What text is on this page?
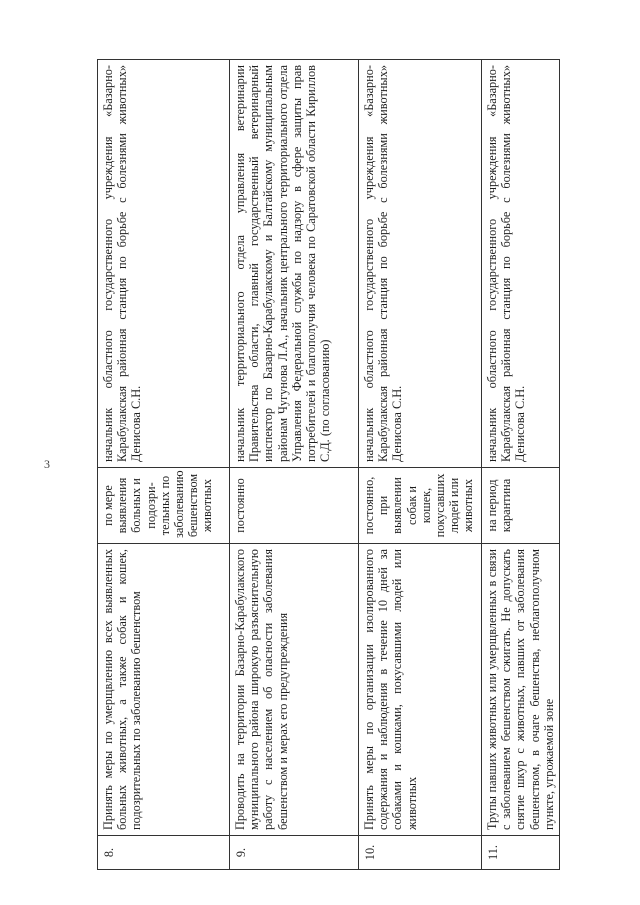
3
8.	Принять меры по умерщвлению всех выявленных больных животных, а также собак и кошек, подозрительных по заболеванию бешенством	по мере выявления больных и подозри-тельных по заболеванию бешенством животных	начальник областного государственного учреждения «Базарно-Карабулакская районная станция по борьбе с болезнями животных» Денисова С.Н.
9.	Проводить на территории Базарно-Карабулакского муниципального района широкую разъяснительную работу с населением об опасности заболевания бешенством и мерах его предупреждения	постоянно	начальник территориального отдела управления ветеринарии Правительства области, главный государственный ветеринарный инспектор по Базарно-Карабулакскому и Балтайскому муниципальным районам Чугунова Л.А., начальник центрального территориального отдела Управления Федеральной службы по надзору в сфере защиты прав потребителей и благополучия человека по Саратовской области Кириллов С.Д. (по согласованию)
10.	Принять меры по организации изолированного содержания и наблюдения в течение 10 дней за собаками и кошками, покусавшими людей или животных	постоянно, при выявлении собак и кошек, покусавших людей или животных	начальник областного государственного учреждения «Базарно-Карабулакская районная станция по борьбе с болезнями животных» Денисова С.Н.
11.	Трупы павших животных или умерщвленных в связи с заболеванием бешенством сжигать. Не допускать снятие шкур с животных, павших от заболевания бешенством, в очаге бешенства, неблагополучном пункте, угрожаемой зоне	на период карантина	начальник областного государственного учреждения «Базарно-Карабулакская районная станция по борьбе с болезнями животных» Денисова С.Н.
